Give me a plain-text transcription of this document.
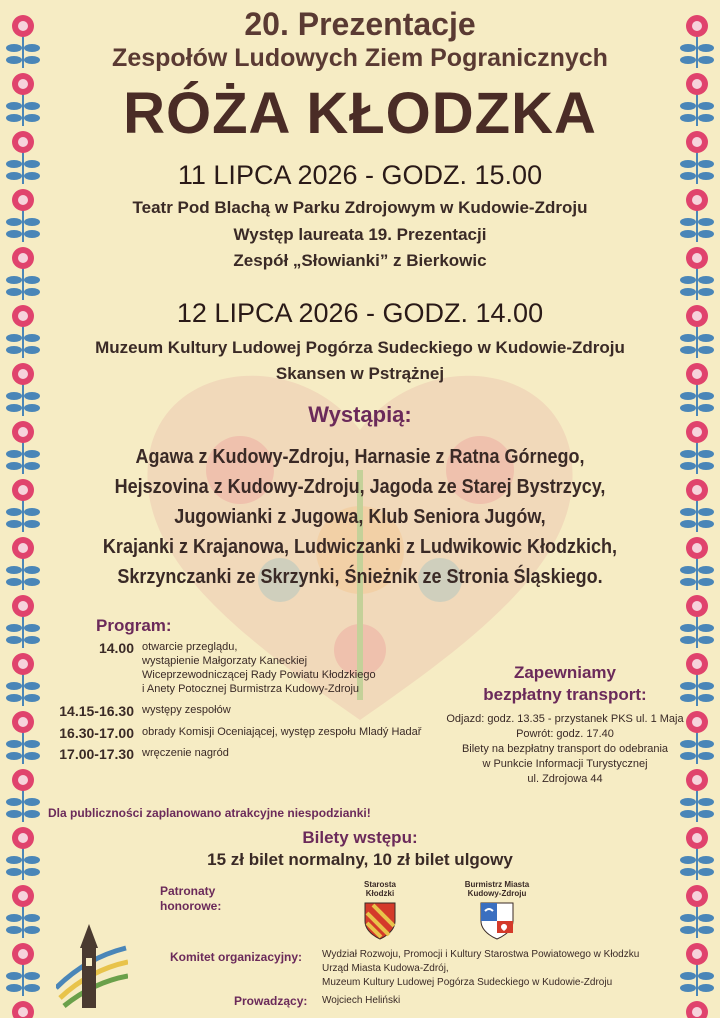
20. Prezentacje
Zespołów Ludowych Ziem Pogranicznych
RÓŻA KŁODZKA
11 LIPCA 2026 - GODZ. 15.00
Teatr Pod Blachą w Parku Zdrojowym w Kudowie-Zdroju
Występ laureata 19. Prezentacji
Zespół „Słowianki” z Bierkowic
12 LIPCA 2026 - GODZ. 14.00
Muzeum Kultury Ludowej Pogórza Sudeckiego w Kudowie-Zdroju
Skansen w Pstrążnej
Wystąpią:
Agawa z Kudowy-Zdroju, Harnasie z Ratna Górnego,
Hejszovina z Kudowy-Zdroju, Jagoda ze Starej Bystrzycy,
Jugowianki z Jugowa, Klub Seniora Jugów,
Krajanki z Krajanowa, Ludwiczanki z Ludwikowic Kłodzkich,
Skrzynczanki ze Skrzynki, Śnieżnik ze Stronia Śląskiego.
Program:
14.00 otwarcie przeglądu,
wystąpienie Małgorzaty Kaneckiej
Wiceprzewodniczącej Rady Powiatu Kłodzkiego
i Anety Potocznej Burmistrza Kudowy-Zdroju
14.15-16.30 występy zespołów
16.30-17.00 obrady Komisji Oceniającej, występ zespołu Mladý Hadař
17.00-17.30 wręczenie nagród
Zapewniamy
bezpłatny transport:
Odjazd: godz. 13.35 - przystanek PKS ul. 1 Maja
Powrót: godz. 17.40
Bilety na bezpłatny transport do odebrania
w Punkcie Informacji Turystycznej
ul. Zdrojowa 44
Dla publiczności zaplanowano atrakcyjne niespodzianki!
Bilety wstępu:
15 zł bilet normalny, 10 zł bilet ulgowy
Patronaty
honorowe:
Starosta
Kłodzki
Burmistrz Miasta
Kudowy-Zdroju
Komitet organizacyjny: Wydział Rozwoju, Promocji i Kultury Starostwa Powiatowego w Kłodzku
Urząd Miasta Kudowa-Zdrój,
Muzeum Kultury Ludowej Pogórza Sudeckiego w Kudowie-Zdroju
Prowadzący: Wojciech Heliński
